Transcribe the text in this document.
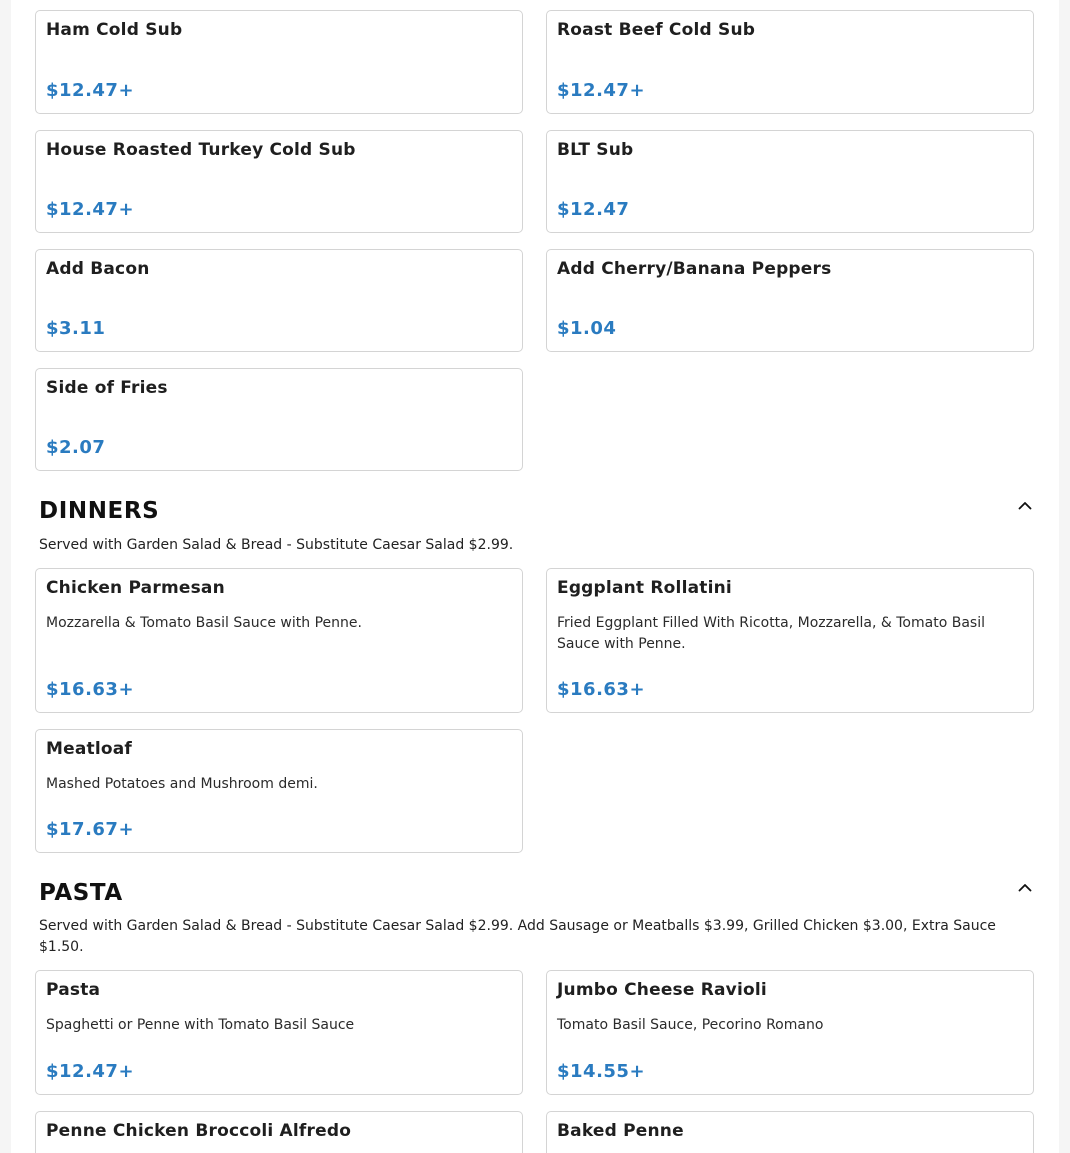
Ham Cold Sub
$12.47+
Roast Beef Cold Sub
$12.47+
House Roasted Turkey Cold Sub
$12.47+
BLT Sub
$12.47
Add Bacon
$3.11
Add Cherry/Banana Peppers
$1.04
Side of Fries
$2.07
DINNERS
Served with Garden Salad & Bread - Substitute Caesar Salad $2.99.
Chicken Parmesan
Mozzarella & Tomato Basil Sauce with Penne.
$16.63+
Eggplant Rollatini
Fried Eggplant Filled With Ricotta, Mozzarella, & Tomato Basil Sauce with Penne.
$16.63+
Meatloaf
Mashed Potatoes and Mushroom demi.
$17.67+
PASTA
Served with Garden Salad & Bread - Substitute Caesar Salad $2.99. Add Sausage or Meatballs $3.99, Grilled Chicken $3.00, Extra Sauce $1.50.
Pasta
Spaghetti or Penne with Tomato Basil Sauce
$12.47+
Jumbo Cheese Ravioli
Tomato Basil Sauce, Pecorino Romano
$14.55+
Penne Chicken Broccoli Alfredo	Baked Penne
